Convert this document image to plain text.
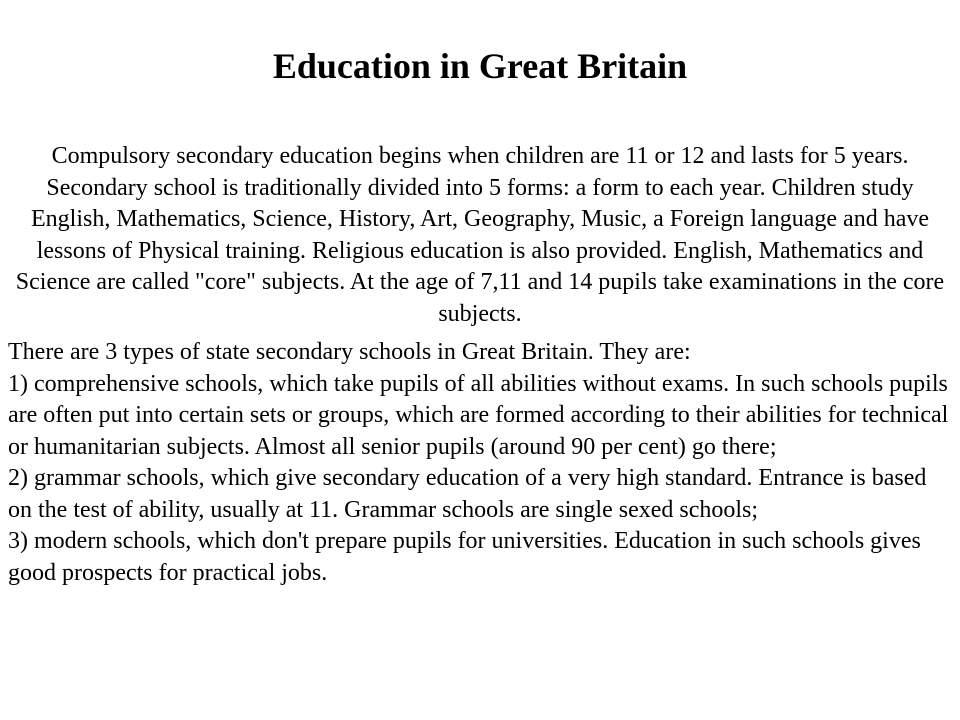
Education in Great Britain

Compulsory secondary education begins when children are 11 or 12 and lasts for 5 years. Secondary school is traditionally divided into 5 forms: a form to each year. Children study English, Mathematics, Science, History, Art, Geography, Music, a Foreign language and have lessons of Physical training. Religious education is also provided. English, Mathematics and Science are called "core" subjects. At the age of 7,11 and 14 pupils take examinations in the core subjects.

There are 3 types of state secondary schools in Great Britain. They are:

1) comprehensive schools, which take pupils of all abilities without exams. In such schools pupils are often put into certain sets or groups, which are formed according to their abilities for technical or humanitarian subjects. Almost all senior pupils (around 90 per cent) go there;

2) grammar schools, which give secondary education of a very high standard. Entrance is based on the test of ability, usually at 11. Grammar schools are single sexed schools;

3) modern schools, which don't prepare pupils for universities. Education in such schools gives good prospects for practical jobs.
